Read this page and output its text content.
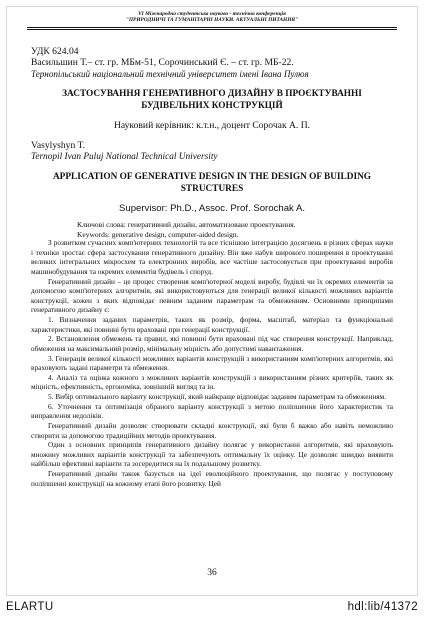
VI Міжнародна студентська науково - технічна конференція
"ПРИРОДНИЧІ ТА ГУМАНІТАРНІ НАУКИ. АКТУАЛЬНІ ПИТАННЯ"

УДК 624.04

Васильшин Т.– ст. гр. МБм-51, Сорочинський Є. – ст. гр. МБ-22.

Тернопільський національний технічний університет імені Івана Пулюя

ЗАСТОСУВАННЯ ГЕНЕРАТИВНОГО ДИЗАЙНУ В ПРОЄКТУВАННІ БУДІВЕЛЬНИХ КОНСТРУКЦІЙ

Науковий керівник: к.т.н., доцент Сорочак А. П.

Vasylyshyn T.

Ternopil Ivan Puluj National Technical University

APPLICATION OF GENERATIVE DESIGN IN THE DESIGN OF BUILDING STRUCTURES

Supervisor: Ph.D., Assoc. Prof. Sorochak A.

Ключові слова: генеративний дизайн, автоматизоване проектування.
Keywords: generative design, computer-aided design.

З розвитком сучасних комп'ютерних технологій та все тіснішою інтеграцією досягнень в різних сферах науки і техніки зростає сфера застосування генеративного дизайну. Він вже набув широкого поширення в проектуванні великих інтегральних мікросхем та електронних виробів, все частіше застосовується при проектуванні виробів машинобудування та окремих елементів будівель і споруд.

Генеративний дизайн – це процес створення комп'ютерної моделі виробу, будівлі чи їх окремих елементів за допомогою комп'ютерних алгоритмів, які використовуються для генерації великої кількості можливих варіантів конструкції, кожен з яких відповідає певним заданим параметрам та обмеженням. Основними принципами генеративного дизайну є:

1. Визначення заданих параметрів, таких як розмір, форма, масштаб, матеріал та функціональні характеристики, які повинні бути враховані при генерації конструкції.

2. Встановлення обмежень та правил, які повинні бути враховані під час створення конструкції. Наприклад, обмеження на максимальний розмір, мінімальну міцність або допустимі навантаження.

3. Генерація великої кількості можливих варіантів конструкцій з використанням комп'ютерних алгоритмів, які враховують задані параметри та обмеження.

4. Аналіз та оцінка кожного з можливих варіантів конструкцій з використанням різних критеріїв, таких як міцність, ефективність, ергономіка, зовнішній вигляд та ін.

5. Вибір оптимального варіанту конструкції, який найкраще відповідає заданим параметрам та обмеженням.

6. Уточнення та оптимізація обраного варіанту конструкції з метою поліпшення його характеристик та виправлення недоліків.

Генеративний дизайн дозволяє створювати складні конструкції, які були б важко або навіть неможливо створити за допомогою традиційних методів проектування.

Один з основних принципів генеративного дизайну полягає у використанні алгоритмів, які враховують множину можливих варіантів конструкції та забезпечують оптимальну їх оцінку. Це дозволяє швидко виявити найбільш ефективні варіанти та зосередитися на їх подальшому розвитку.

Генеративний дизайн також базується на ідеї еволюційного проектування, що полягає у поступовому поліпшенні конструкції на кожному етапі його розвитку. Цей

36
ELARTU	hdl:lib/41372
